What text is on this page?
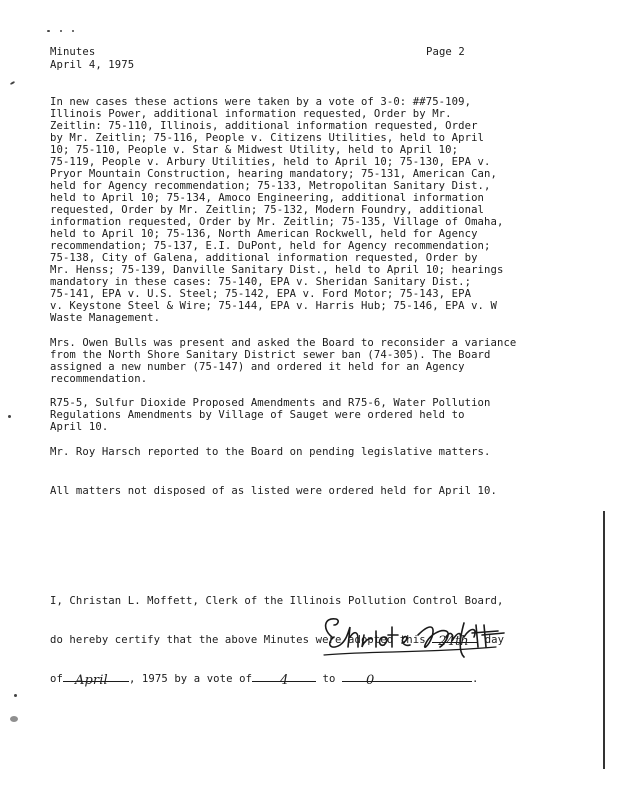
Minutes
April 4, 1975
Page 2

In new cases these actions were taken by a vote of 3-0: ##75-109,
Illinois Power, additional information requested, Order by Mr.
Zeitlin: 75-110, Illinois, additional information requested, Order
by Mr. Zeitlin; 75-116, People v. Citizens Utilities, held to April
10; 75-110, People v. Star & Midwest Utility, held to April 10;
75-119, People v. Arbury Utilities, held to April 10; 75-130, EPA v.
Pryor Mountain Construction, hearing mandatory; 75-131, American Can,
held for Agency recommendation; 75-133, Metropolitan Sanitary Dist.,
held to April 10; 75-134, Amoco Engineering, additional information
requested, Order by Mr. Zeitlin; 75-132, Modern Foundry, additional
information requested, Order by Mr. Zeitlin; 75-135, Village of Omaha,
held to April 10; 75-136, North American Rockwell, held for Agency
recommendation; 75-137, E.I. DuPont, held for Agency recommendation;
75-138, City of Galena, additional information requested, Order by
Mr. Henss; 75-139, Danville Sanitary Dist., held to April 10; hearings
mandatory in these cases: 75-140, EPA v. Sheridan Sanitary Dist.;
75-141, EPA v. U.S. Steel; 75-142, EPA v. Ford Motor; 75-143, EPA
v. Keystone Steel & Wire; 75-144, EPA v. Harris Hub; 75-146, EPA v. W
Waste Management.

Mrs. Owen Bulls was present and asked the Board to reconsider a variance
from the North Shore Sanitary District sewer ban (74-305). The Board
assigned a new number (75-147) and ordered it held for an Agency
recommendation.

R75-5, Sulfur Dioxide Proposed Amendments and R75-6, Water Pollution
Regulations Amendments by Village of Sauget were ordered held to
April 10.

Mr. Roy Harsch reported to the Board on pending legislative matters.

All matters not disposed of as listed were ordered held for April 10.

I, Christan L. Moffett, Clerk of the Illinois Pollution Control Board,

do hereby certify that the above Minutes were adopted this 24th day

of April , 1975 by a vote of 4	to 0	.
